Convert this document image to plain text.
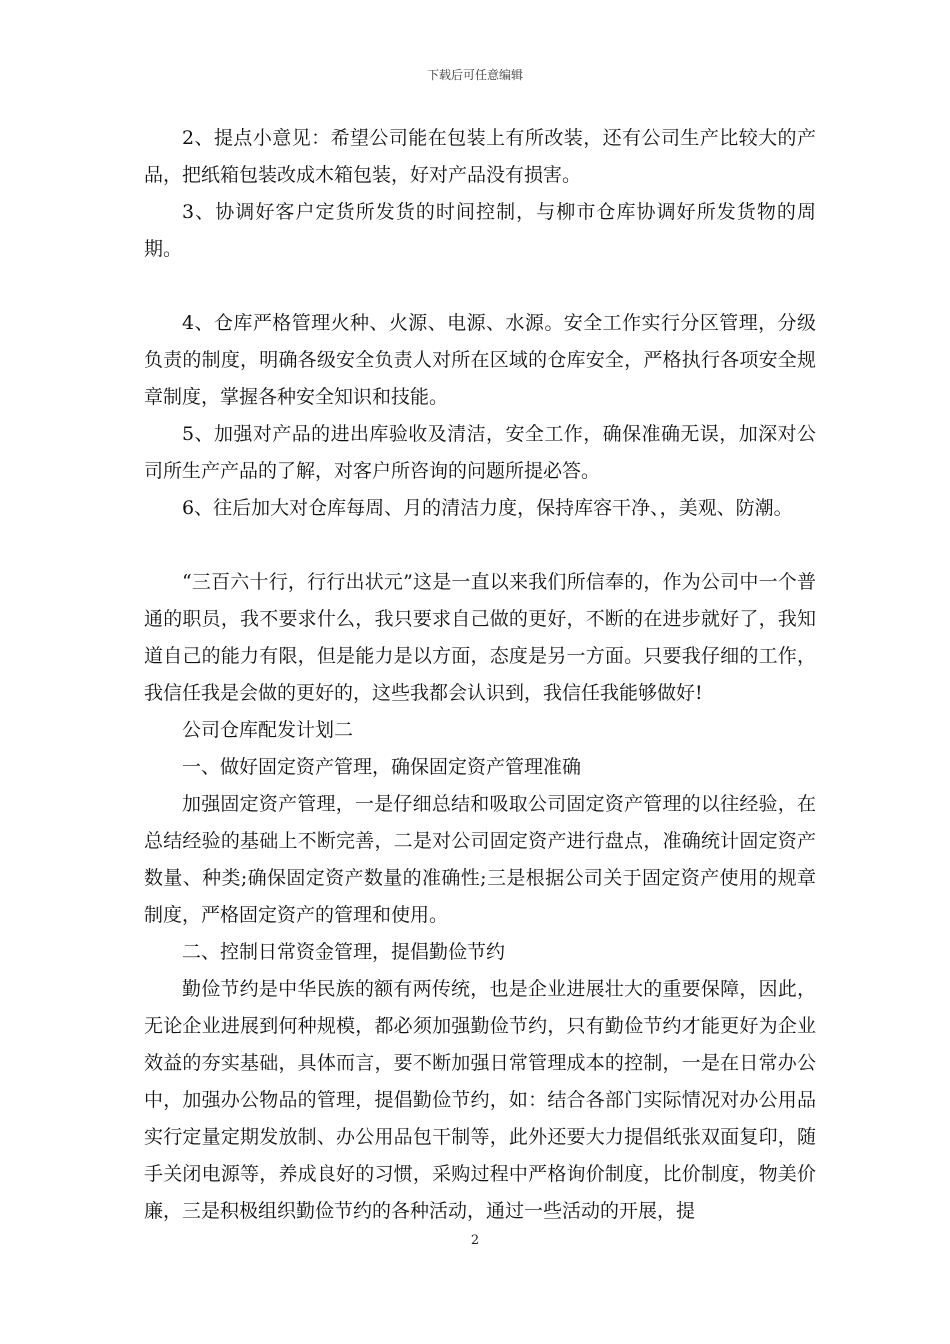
下载后可任意编辑

2、提点小意见：希望公司能在包装上有所改装，还有公司生产比较大的产品，把纸箱包装改成木箱包装，好对产品没有损害。

3、协调好客户定货所发货的时间控制，与柳市仓库协调好所发货物的周期。

4、仓库严格管理火种、火源、电源、水源。安全工作实行分区管理，分级负责的制度，明确各级安全负责人对所在区域的仓库安全，严格执行各项安全规章制度，掌握各种安全知识和技能。

5、加强对产品的进出库验收及清洁，安全工作，确保准确无误，加深对公司所生产产品的了解，对客户所咨询的问题所提必答。

6、往后加大对仓库每周、月的清洁力度，保持库容干净、，美观、防潮。

“三百六十行，行行出状元”这是一直以来我们所信奉的，作为公司中一个普通的职员，我不要求什么，我只要求自己做的更好，不断的在进步就好了，我知道自己的能力有限，但是能力是以方面，态度是另一方面。只要我仔细的工作，我信任我是会做的更好的，这些我都会认识到，我信任我能够做好!

公司仓库配发计划二

一、做好固定资产管理，确保固定资产管理准确

加强固定资产管理，一是仔细总结和吸取公司固定资产管理的以往经验，在总结经验的基础上不断完善，二是对公司固定资产进行盘点，准确统计固定资产数量、种类;确保固定资产数量的准确性;三是根据公司关于固定资产使用的规章制度，严格固定资产的管理和使用。

二、控制日常资金管理，提倡勤俭节约

勤俭节约是中华民族的额有两传统，也是企业进展壮大的重要保障，因此，无论企业进展到何种规模，都必须加强勤俭节约，只有勤俭节约才能更好为企业效益的夯实基础，具体而言，要不断加强日常管理成本的控制，一是在日常办公中，加强办公物品的管理，提倡勤俭节约，如：结合各部门实际情况对办公用品实行定量定期发放制、办公用品包干制等，此外还要大力提倡纸张双面复印，随手关闭电源等，养成良好的习惯，采购过程中严格询价制度，比价制度，物美价廉，三是积极组织勤俭节约的各种活动，通过一些活动的开展，提

2
